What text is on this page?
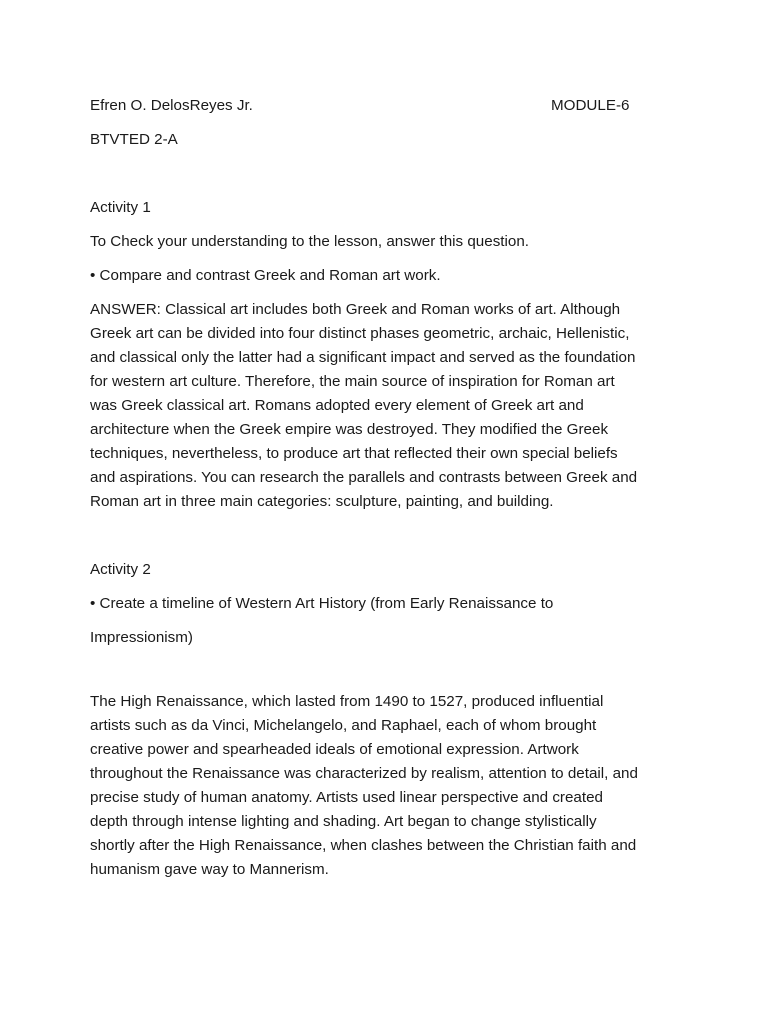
Efren O. DelosReyes Jr.	MODULE-6
BTVTED 2-A
Activity 1
To Check your understanding to the lesson, answer this question.
• Compare and contrast Greek and Roman art work.
ANSWER: Classical art includes both Greek and Roman works of art. Although
Greek art can be divided into four distinct phases geometric, archaic, Hellenistic,
and classical only the latter had a significant impact and served as the foundation
for western art culture. Therefore, the main source of inspiration for Roman art
was Greek classical art. Romans adopted every element of Greek art and
architecture when the Greek empire was destroyed. They modified the Greek
techniques, nevertheless, to produce art that reflected their own special beliefs
and aspirations. You can research the parallels and contrasts between Greek and
Roman art in three main categories: sculpture, painting, and building.
Activity 2
• Create a timeline of Western Art History (from Early Renaissance to
Impressionism)
The High Renaissance, which lasted from 1490 to 1527, produced influential
artists such as da Vinci, Michelangelo, and Raphael, each of whom brought
creative power and spearheaded ideals of emotional expression. Artwork
throughout the Renaissance was characterized by realism, attention to detail, and
precise study of human anatomy. Artists used linear perspective and created
depth through intense lighting and shading. Art began to change stylistically
shortly after the High Renaissance, when clashes between the Christian faith and
humanism gave way to Mannerism.
